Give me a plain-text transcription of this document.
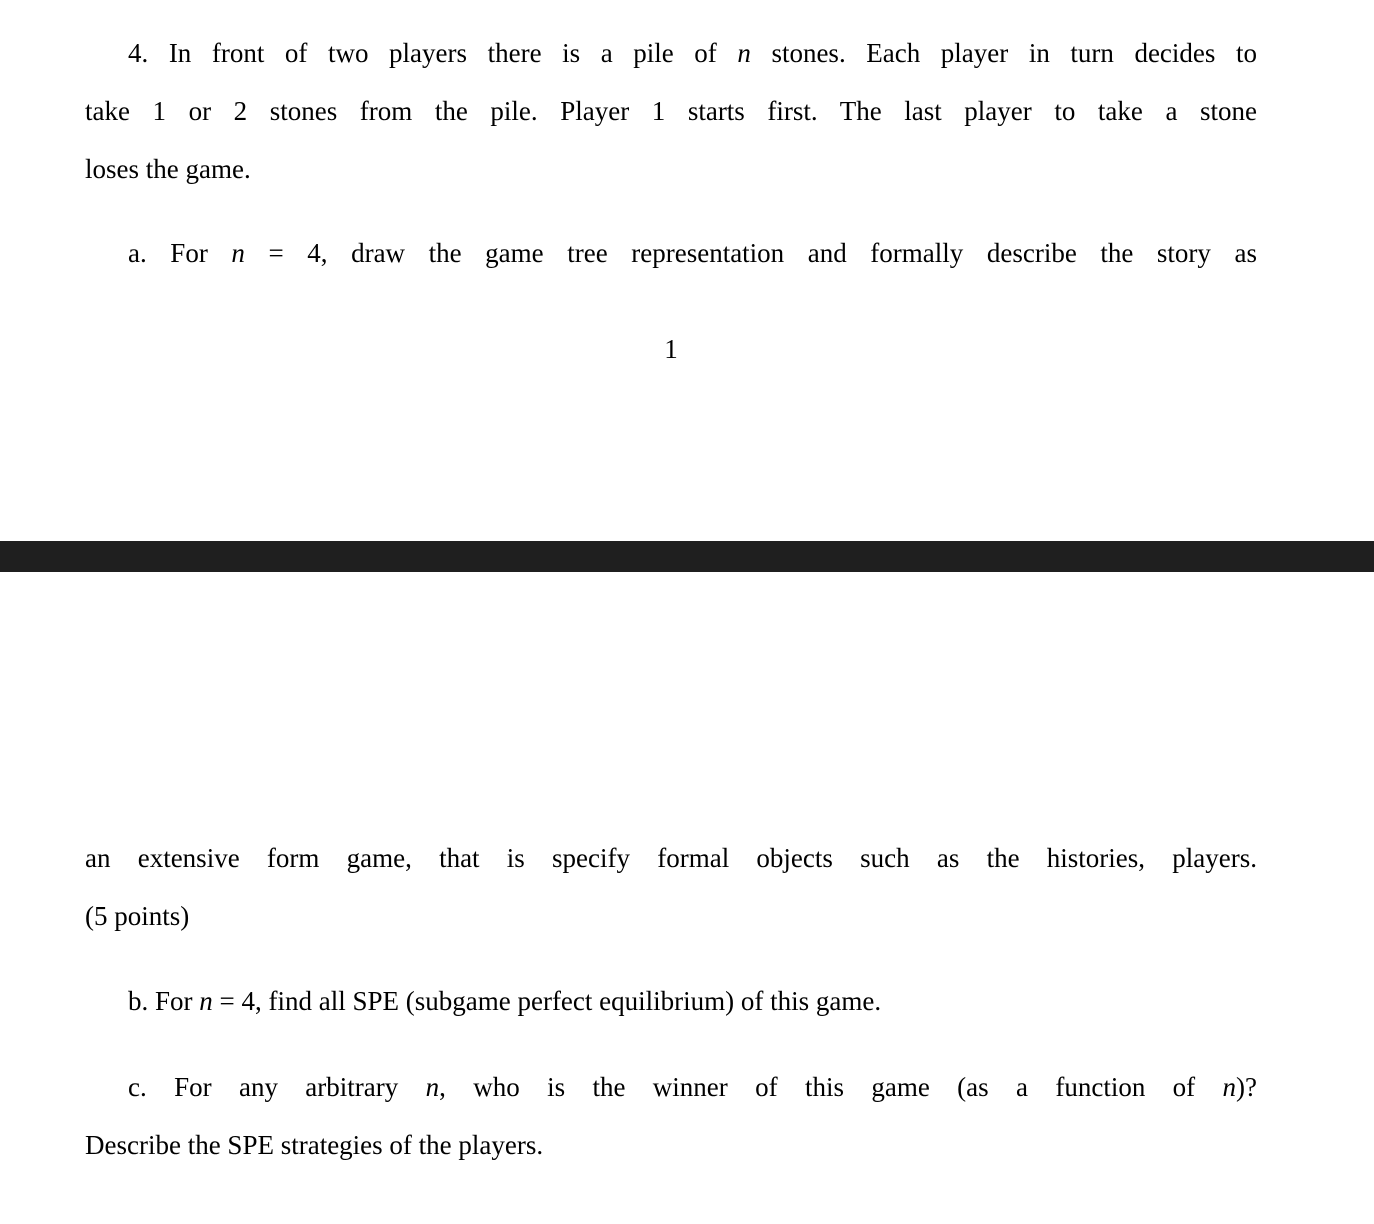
4. In front of two players there is a pile of n stones. Each player in turn decides to
take 1 or 2 stones from the pile. Player 1 starts first. The last player to take a stone
loses the game.
a. For n = 4, draw the game tree representation and formally describe the story as
1
an extensive form game, that is specify formal objects such as the histories, players.
(5 points)
b. For n = 4, find all SPE (subgame perfect equilibrium) of this game.
c. For any arbitrary n, who is the winner of this game (as a function of n)?
Describe the SPE strategies of the players.
